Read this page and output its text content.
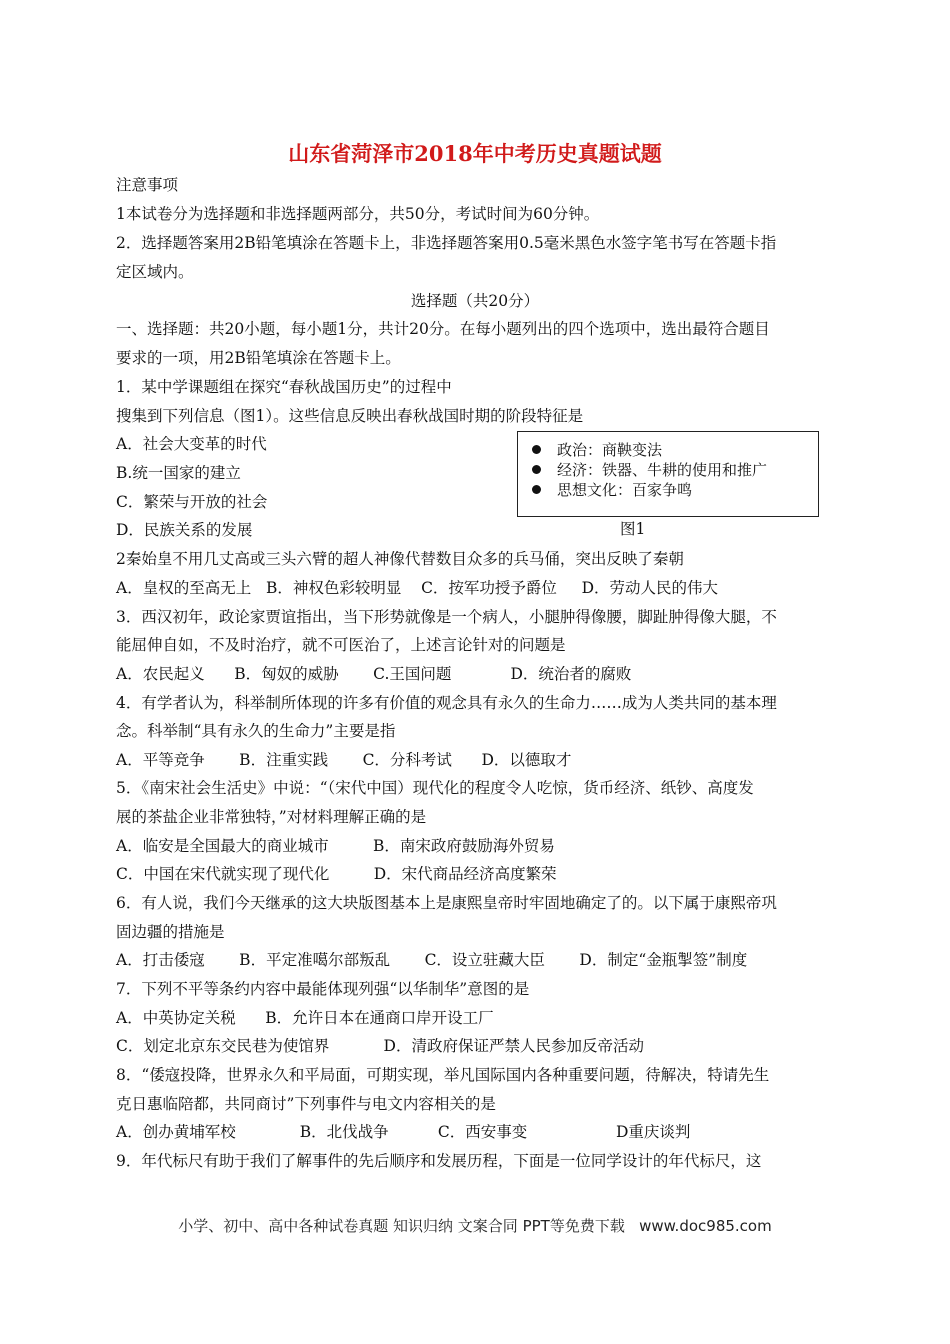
山东省菏泽市2018年中考历史真题试题
注意事项
1本试卷分为选择题和非选择题两部分，共50分，考试时间为60分钟。
2．选择题答案用2B铅笔填涂在答题卡上，非选择题答案用0.5毫米黑色水签字笔书写在答题卡指
定区域内。
选择题（共20分）
一、选择题：共20小题，每小题1分，共计20分。在每小题列出的四个选项中，选出最符合题目
要求的一项，用2B铅笔填涂在答题卡上。
1．某中学课题组在探究“春秋战国历史”的过程中
搜集到下列信息（图1）。这些信息反映出春秋战国时期的阶段特征是
A．社会大变革的时代
B.统一国家的建立
C．繁荣与开放的社会
D．民族关系的发展
政治：商鞅变法
经济：铁器、牛耕的使用和推广
思想文化：百家争鸣
图1
2秦始皇不用几丈高或三头六臂的超人神像代替数目众多的兵马俑，突出反映了秦朝
A．皇权的至高无上   B．神权色彩较明显    C．按军功授予爵位     D．劳动人民的伟大
3．西汉初年，政论家贾谊指出，当下形势就像是一个病人，小腿肿得像腰，脚趾肿得像大腿，不
能屈伸自如，不及时治疗，就不可医治了，上述言论针对的问题是
A．农民起义      B．匈奴的威胁       C.王国问题            D．统治者的腐败
4．有学者认为，科举制所体现的许多有价值的观念具有永久的生命力……成为人类共同的基本理
念。科举制“具有永久的生命力”主要是指
A．平等竞争       B．注重实践       C．分科考试      D．以德取才
5．《南宋社会生活史》中说：“（宋代中国）现代化的程度令人吃惊，货币经济、纸钞、高度发
展的茶盐企业非常独特，”对材料理解正确的是
A．临安是全国最大的商业城市         B．南宋政府鼓励海外贸易
C．中国在宋代就实现了现代化         D．宋代商品经济高度繁荣
6．有人说，我们今天继承的这大块版图基本上是康熙皇帝时牢固地确定了的。以下属于康熙帝巩
固边疆的措施是
A．打击倭寇       B．平定准噶尔部叛乱       C．设立驻藏大臣       D．制定“金瓶掣签”制度
7．下列不平等条约内容中最能体现列强“以华制华”意图的是
A．中英协定关税      B．允许日本在通商口岸开设工厂
C．划定北京东交民巷为使馆界           D．清政府保证严禁人民参加反帝活动
8．“倭寇投降，世界永久和平局面，可期实现，举凡国际国内各种重要问题，待解决，特请先生
克日惠临陪都，共同商讨”下列事件与电文内容相关的是
A．创办黄埔军校             B．北伐战争          C．西安事变                  D重庆谈判
9．年代标尺有助于我们了解事件的先后顺序和发展历程，下面是一位同学设计的年代标尺，这
小学、初中、高中各种试卷真题 知识归纳 文案合同 PPT等免费下载   www.doc985.com
